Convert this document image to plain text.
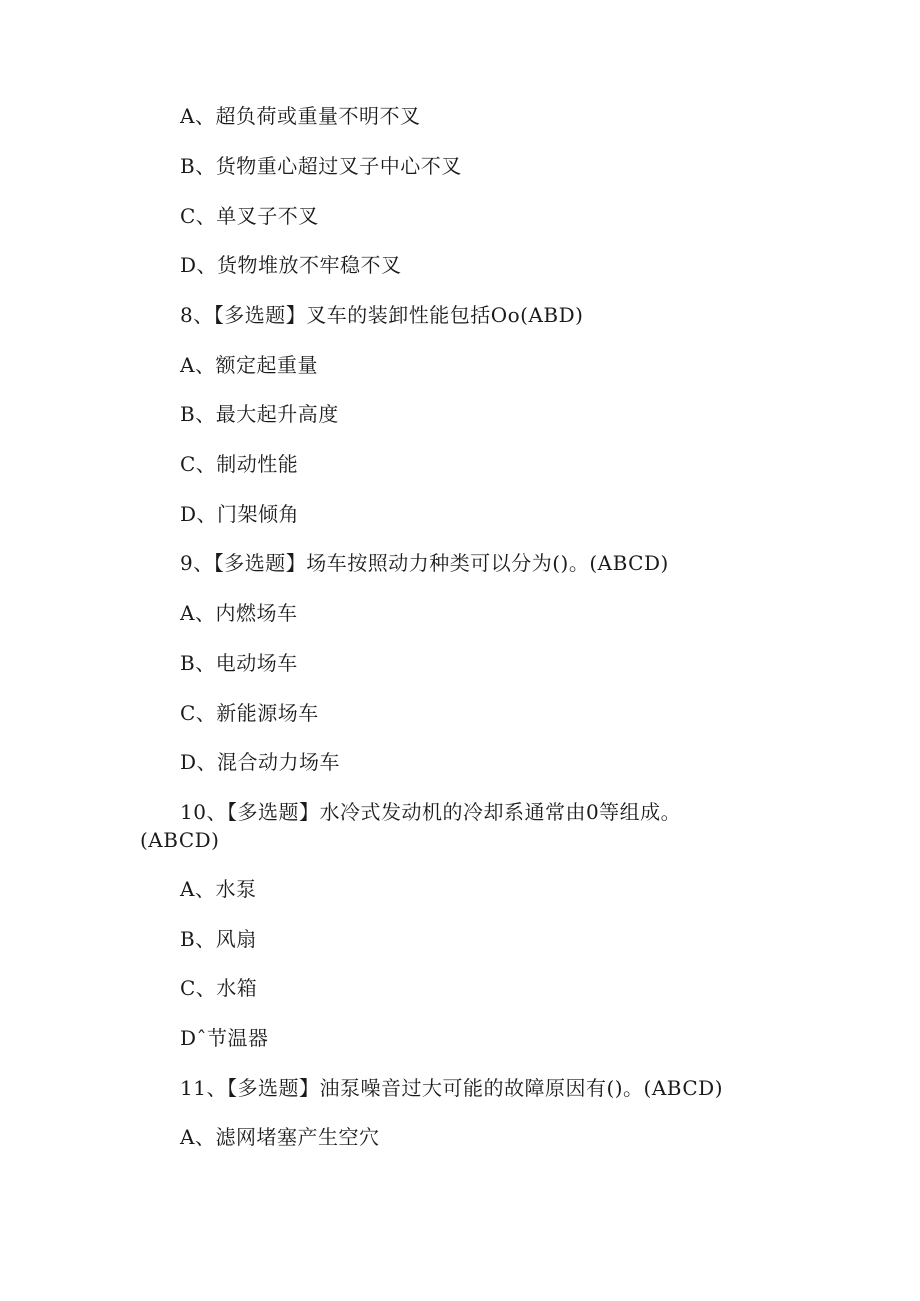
A、超负荷或重量不明不叉
B、货物重心超过叉子中心不叉
C、单叉子不叉
D、货物堆放不牢稳不叉
8、【多选题】叉车的装卸性能包括Oo(ABD)
A、额定起重量
B、最大起升高度
C、制动性能
D、门架倾角
9、【多选题】场车按照动力种类可以分为()。(ABCD)
A、内燃场车
B、电动场车
C、新能源场车
D、混合动力场车
10、【多选题】水冷式发动机的冷却系通常由0等组成。
(ABCD)
A、水泵
B、风扇
C、水箱
Dˆ节温器
11、【多选题】油泵噪音过大可能的故障原因有()。(ABCD)
A、滤网堵塞产生空穴
